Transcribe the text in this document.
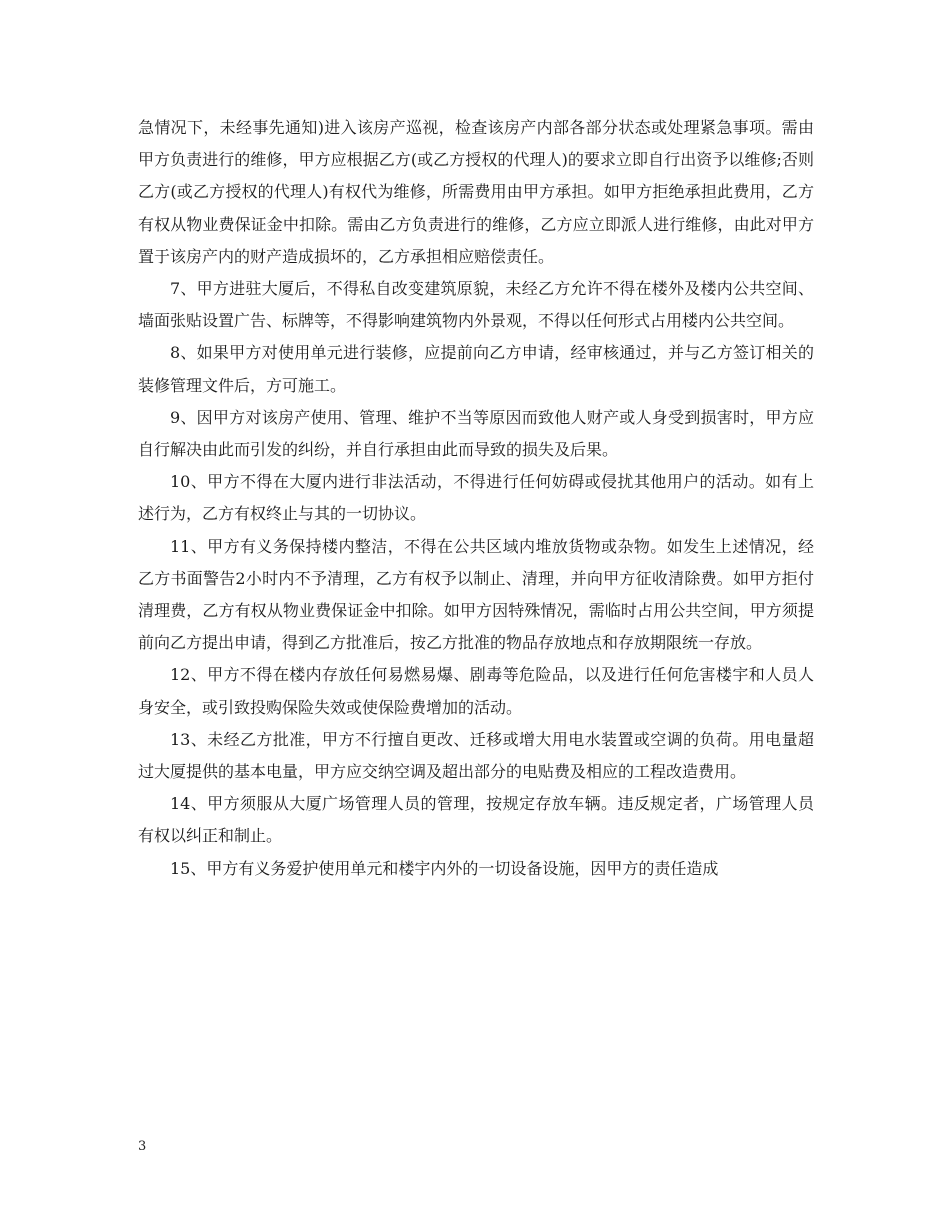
急情况下，未经事先通知)进入该房产巡视，检查该房产内部各部分状态或处理紧急事项。需由甲方负责进行的维修，甲方应根据乙方(或乙方授权的代理人)的要求立即自行出资予以维修;否则乙方(或乙方授权的代理人)有权代为维修，所需费用由甲方承担。如甲方拒绝承担此费用，乙方有权从物业费保证金中扣除。需由乙方负责进行的维修，乙方应立即派人进行维修，由此对甲方置于该房产内的财产造成损坏的，乙方承担相应赔偿责任。

7、甲方进驻大厦后，不得私自改变建筑原貌，未经乙方允许不得在楼外及楼内公共空间、墙面张贴设置广告、标牌等，不得影响建筑物内外景观，不得以任何形式占用楼内公共空间。

8、如果甲方对使用单元进行装修，应提前向乙方申请，经审核通过，并与乙方签订相关的装修管理文件后，方可施工。

9、因甲方对该房产使用、管理、维护不当等原因而致他人财产或人身受到损害时，甲方应自行解决由此而引发的纠纷，并自行承担由此而导致的损失及后果。

10、甲方不得在大厦内进行非法活动，不得进行任何妨碍或侵扰其他用户的活动。如有上述行为，乙方有权终止与其的一切协议。

11、甲方有义务保持楼内整洁，不得在公共区域内堆放货物或杂物。如发生上述情况，经乙方书面警告2小时内不予清理，乙方有权予以制止、清理，并向甲方征收清除费。如甲方拒付清理费，乙方有权从物业费保证金中扣除。如甲方因特殊情况，需临时占用公共空间，甲方须提前向乙方提出申请，得到乙方批准后，按乙方批准的物品存放地点和存放期限统一存放。

12、甲方不得在楼内存放任何易燃易爆、剧毒等危险品，以及进行任何危害楼宇和人员人身安全，或引致投购保险失效或使保险费增加的活动。

13、未经乙方批准，甲方不行擅自更改、迁移或增大用电水装置或空调的负荷。用电量超过大厦提供的基本电量，甲方应交纳空调及超出部分的电贴费及相应的工程改造费用。

14、甲方须服从大厦广场管理人员的管理，按规定存放车辆。违反规定者，广场管理人员有权以纠正和制止。

15、甲方有义务爱护使用单元和楼宇内外的一切设备设施，因甲方的责任造成

3
